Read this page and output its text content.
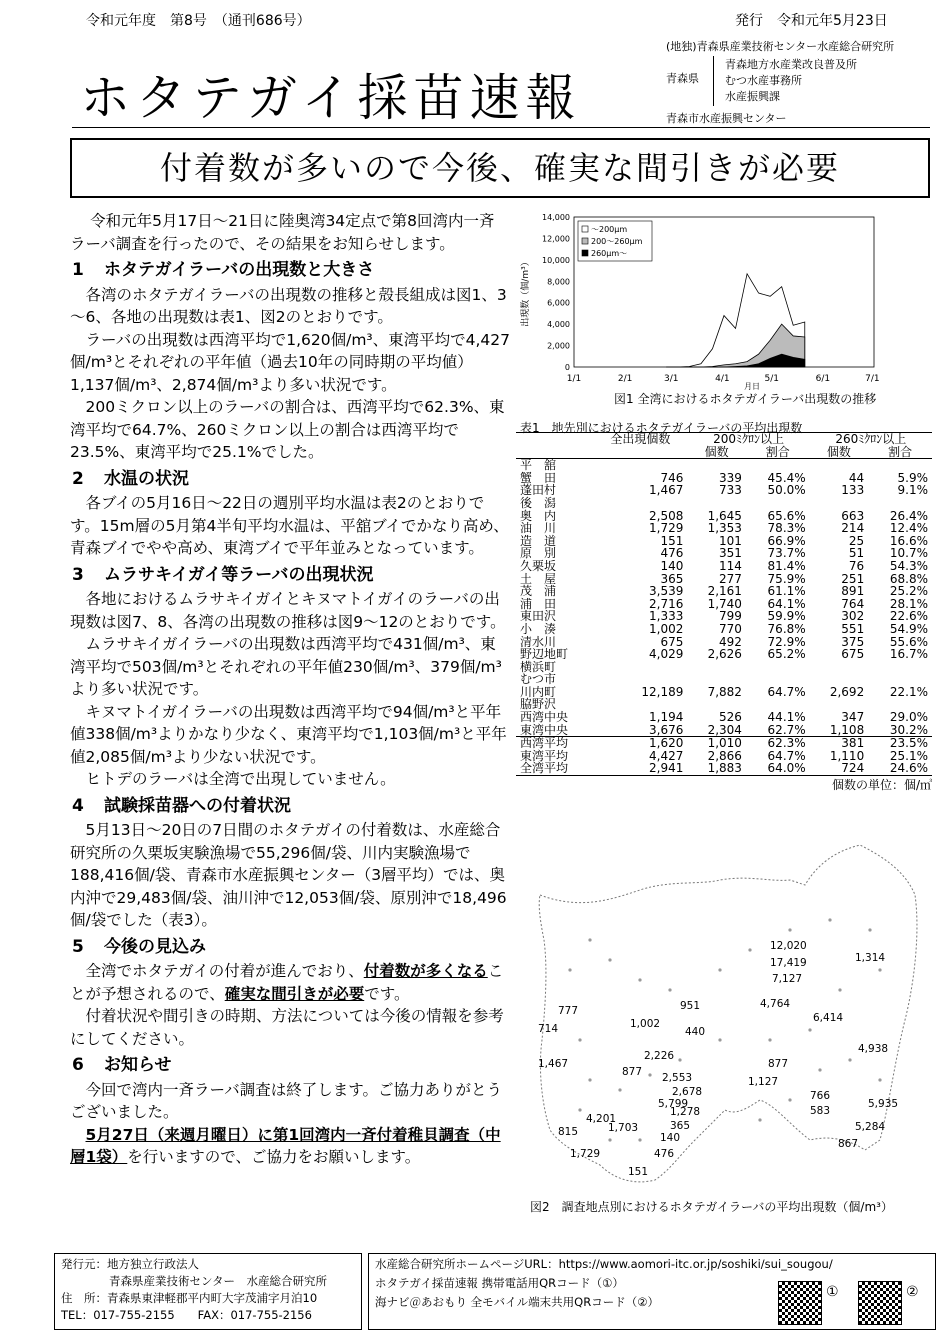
令和元年度　第8号　（通刊686号）	発行　令和元年5月23日
ホタテガイ採苗速報
(地独)青森県産業技術センター水産総合研究所
青森県
青森地方水産業改良普及所
むつ水産事務所
水産振興課
青森市水産振興センター
付着数が多いので今後、確実な間引きが必要

令和元年5月17日～21日に陸奥湾34定点で第8回湾内一斉ラーバ調査を行ったので、その結果をお知らせします。

1 ホタテガイラーバの出現数と大きさ

各湾のホタテガイラーバの出現数の推移と殻長組成は図1、3～6、各地の出現数は表1、図2のとおりです。

ラーバの出現数は西湾平均で1,620個/m³、東湾平均で4,427個/m³とそれぞれの平年値（過去10年の同時期の平均値）1,137個/m³、2,874個/m³より多い状況です。

200ミクロン以上のラーバの割合は、西湾平均で62.3%、東湾平均で64.7%、260ミクロン以上の割合は西湾平均で23.5%、東湾平均で25.1%でした。

2 水温の状況

各ブイの5月16日～22日の週別平均水温は表2のとおりです。15m層の5月第4半旬平均水温は、平舘ブイでかなり高め、青森ブイでやや高め、東湾ブイで平年並みとなっています。

3 ムラサキイガイ等ラーバの出現状況

各地におけるムラサキイガイとキヌマトイガイのラーバの出現数は図7、8、各湾の出現数の推移は図9～12のとおりです。

ムラサキイガイラーバの出現数は西湾平均で431個/m³、東湾平均で503個/m³とそれぞれの平年値230個/m³、379個/m³より多い状況です。

キヌマトイガイラーバの出現数は西湾平均で94個/m³と平年値338個/m³よりかなり少なく、東湾平均で1,103個/m³と平年値2,085個/m³より少ない状況です。

ヒトデのラーバは全湾で出現していません。

4 試験採苗器への付着状況

5月13日～20日の7日間のホタテガイの付着数は、水産総合研究所の久栗坂実験漁場で55,296個/袋、川内実験漁場で188,416個/袋、青森市水産振興センター（3層平均）では、奥内沖で29,483個/袋、油川沖で12,053個/袋、原別沖で18,496個/袋でした（表3）。

5 今後の見込み

全湾でホタテガイの付着が進んでおり、付着数が多くなることが予想されるので、確実な間引きが必要です。

付着状況や間引きの時期、方法については今後の情報を参考にしてください。

6 お知らせ

今回で湾内一斉ラーバ調査は終了します。ご協力ありがとうございました。

5月27日（来週月曜日）に第1回湾内一斉付着稚貝調査（中層1袋）を行いますので、ご協力をお願いします。

0
2,000
4,000
6,000
8,000
10,000
12,000
14,000
1/1	2/1	3/1	4/1	5/1	6/1	7/1
月日
出現数（個/m³）
～200μm
200～260μm
260μm～
図1 全湾におけるホタテガイラーバ出現数の推移
表1　地先別におけるホタテガイラーバの平均出現数
	全出現個数	200ﾐｸﾛﾝ以上		260ﾐｸﾛﾝ以上	
		個数	割合	個数	割合
平　舘					
蟹　田	746	339	45.4%	44	5.9%
蓬田村	1,467	733	50.0%	133	9.1%
後　潟					
奥　内	2,508	1,645	65.6%	663	26.4%
油　川	1,729	1,353	78.3%	214	12.4%
造　道	151	101	66.9%	25	16.6%
原　別	476	351	73.7%	51	10.7%
久栗坂	140	114	81.4%	76	54.3%
土　屋	365	277	75.9%	251	68.8%
茂　浦	3,539	2,161	61.1%	891	25.2%
浦　田	2,716	1,740	64.1%	764	28.1%
東田沢	1,333	799	59.9%	302	22.6%
小　湊	1,002	770	76.8%	551	54.9%
清水川	675	492	72.9%	375	55.6%
野辺地町	4,029	2,626	65.2%	675	16.7%
横浜町					
むつ市					
川内町	12,189	7,882	64.7%	2,692	22.1%
脇野沢					
西湾中央	1,194	526	44.1%	347	29.0%
東湾中央	3,676	2,304	62.7%	1,108	30.2%
西湾平均	1,620	1,010	62.3%	381	23.5%
東湾平均	4,427	2,866	64.7%	1,110	25.1%
全湾平均	2,941	1,883	64.0%	724	24.6%
個数の単位：個/㎥
12,020
17,419
7,127
1,314
777
714	1,002
951	4,764
6,414
440
4,938
1,467
2,226
877
877
2,553	1,127
2,678	766
5,799
583
5,935
1,278
4,201
365	5,284
815	1,703
140	867
1,729	476
151
図2　調査地点別におけるホタテガイラーバの平均出現数（個/m³）
発行元：地方独立行政法人
青森県産業技術センター　水産総合研究所
住　所：青森県東津軽郡平内町大字茂浦字月泊10
TEL：017-755-2155　　FAX：017-755-2156
水産総合研究所ホームページURL：https://www.aomori-itc.or.jp/soshiki/sui_sougou/
ホタテガイ採苗速報 携帯電話用QRコード（①）
海ナビ＠あおもり 全モバイル端末共用QRコード（②）
①	②
